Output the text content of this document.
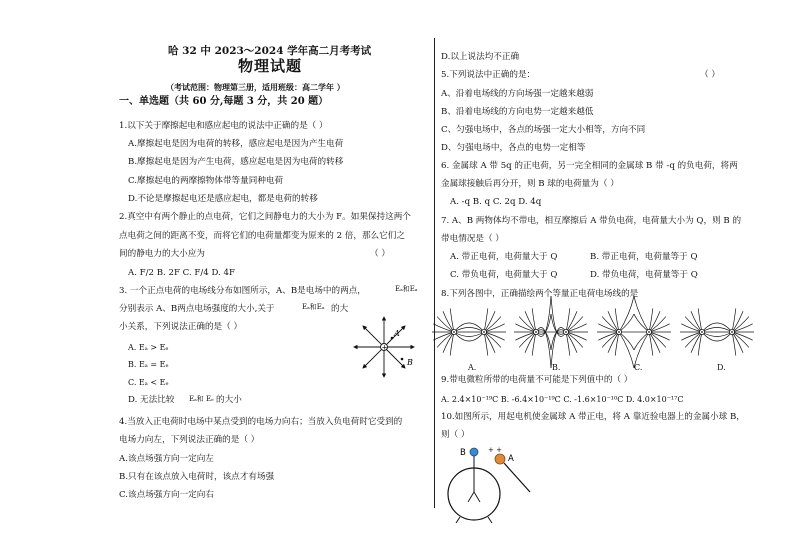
哈 32 中 2023～2024 学年高二月考考试
物理试题
（考试范围：物理第三册，适用班级：高二学年 ）
一、单选题（共 60 分,每题 3 分，共 20 题）
1.以下关于摩擦起电和感应起电的说法中正确的是（ ）
A.摩擦起电是因为电荷的转移，感应起电是因为产生电荷
B.摩擦起电是因为产生电荷，感应起电是因为电荷的转移
C.摩擦起电的两摩擦物体带等量同种电荷
D.不论是摩擦起电还是感应起电，都是电荷的转移
2.真空中有两个静止的点电荷，它们之间静电力的大小为 F。如果保持这两个
点电荷之间的距离不变，而将它们的电荷量都变为原来的 2 倍，那么它们之
间的静电力的大小应为	（ ）
A. F/2 B. 2F C. F/4 D. 4F
3. 一个正点电荷的电场线分布如图所示，A、B是电场中的两点，	Eₐ和Eₐ
分别表示 A、B两点电场强度的大小,关于	Eₐ和Eₐ 的大
小关系，下列说法正确的是（ ）
A. Eₐ > Eₑ
B. Eₐ = Eₑ
C. Eₐ < Eₑ
D. 无法比较 Eₐ和 Eₑ 的大小
+
A
B
4.当放入正电荷时电场中某点受到的电场力向右；当放入负电荷时它受到的
电场力向左，下列说法正确的是（ ）
A.该点场强方向一定向左
B.只有在该点放入电荷时，该点才有场强
C.该点场强方向一定向右
D.以上说法均不正确
5.下列说法中正确的是：	（ ）
A、沿着电场线的方向场强一定越来越弱
B、沿着电场线的方向电势一定越来越低
C、匀强电场中，各点的场强一定大小相等，方向不同
D、匀强电场中，各点的电势一定相等
6. 金属球 A 带 5q 的正电荷，另一完全相同的金属球 B 带 -q 的负电荷，将两
金属球接触后再分开，则 B 球的电荷量为（ ）
A. -q B. q C. 2q D. 4q
7. A、B 两物体均不带电，相互摩擦后 A 带负电荷，电荷量大小为 Q，则 B 的
带电情况是（ ）
A. 带正电荷，电荷量大于 Q	B. 带正电荷，电荷量等于 Q
C. 带负电荷，电荷量大于 Q	D. 带负电荷，电荷量等于 Q
8.下列各图中，正确描绘两个等量正电荷电场线的是
A.	B.	C.	D.
9.带电微粒所带的电荷量不可能是下列值中的（ ）
A. 2.4×10⁻¹⁹C B. -6.4×10⁻¹⁹C C. -1.6×10⁻¹⁰C D. 4.0×10⁻¹⁷C
10.如图所示，用起电机使金属球 A 带正电，将 A 靠近验电器上的金属小球 B，
则（ ）
B
A
+ +
